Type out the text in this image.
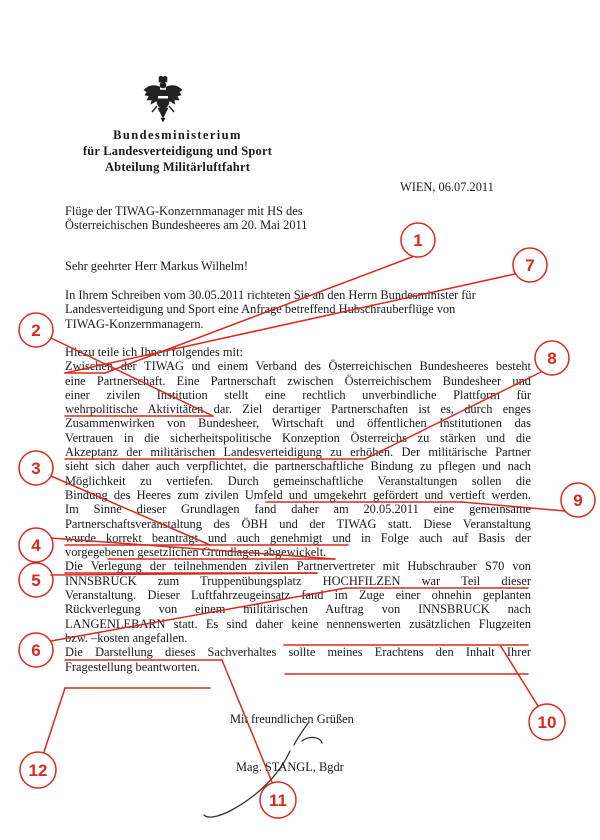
Bundesministerium
für Landesverteidigung und Sport
Abteilung Militärluftfahrt
WIEN, 06.07.2011
Flüge der TIWAG-Konzernmanager mit HS des
Österreichischen Bundesheeres am 20. Mai 2011
Sehr geehrter Herr Markus Wilhelm!
In Ihrem Schreiben vom 30.05.2011 richteten Sie an den Herrn Bundesminister für
Landesverteidigung und Sport eine Anfrage betreffend Hubschrauberflüge von
TIWAG-Konzernmanagern.
Hiezu teile ich Ihnen folgendes mit:
Zwischen der TIWAG und einem Verband des Österreichischen Bundesheeres besteht
eine Partnerschaft. Eine Partnerschaft zwischen Österreichischem Bundesheer und
einer zivilen Institution stellt eine rechtlich unverbindliche Plattform für
wehrpolitische Aktivitäten dar. Ziel derartiger Partnerschaften ist es, durch enges
Zusammenwirken von Bundesheer, Wirtschaft und öffentlichen Institutionen das
Vertrauen in die sicherheitspolitische Konzeption Österreichs zu stärken und die
Akzeptanz der militärischen Landesverteidigung zu erhöhen. Der militärische Partner
sieht sich daher auch verpflichtet, die partnerschaftliche Bindung zu pflegen und nach
Möglichkeit zu vertiefen. Durch gemeinschaftliche Veranstaltungen sollen die
Bindung des Heeres zum zivilen Umfeld und umgekehrt gefördert und vertieft werden.
Im Sinne dieser Grundlagen fand daher am 20.05.2011 eine gemeinsame
Partnerschaftsveranstaltung des ÖBH und der TIWAG statt. Diese Veranstaltung
wurde korrekt beantragt und auch genehmigt und in Folge auch auf Basis der
vorgegebenen gesetzlichen Grundlagen abgewickelt.
Die Verlegung der teilnehmenden zivilen Partnervertreter mit Hubschrauber S70 von
INNSBRUCK zum Truppenübungsplatz HOCHFILZEN war Teil dieser
Veranstaltung. Dieser Luftfahrzeugeinsatz fand im Zuge einer ohnehin geplanten
Rückverlegung von einem militärischen Auftrag von INNSBRUCK nach
LANGENLEBARN statt. Es sind daher keine nennenswerten zusätzlichen Flugzeiten
bzw. –kosten angefallen.
Die Darstellung dieses Sachverhaltes sollte meines Erachtens den Inhalt Ihrer
Fragestellung beantworten.
Mit freundlichen Grüßen
Mag. STANGL, Bgdr
1
7
2
8
3
9
4
5
6
10
11
12
